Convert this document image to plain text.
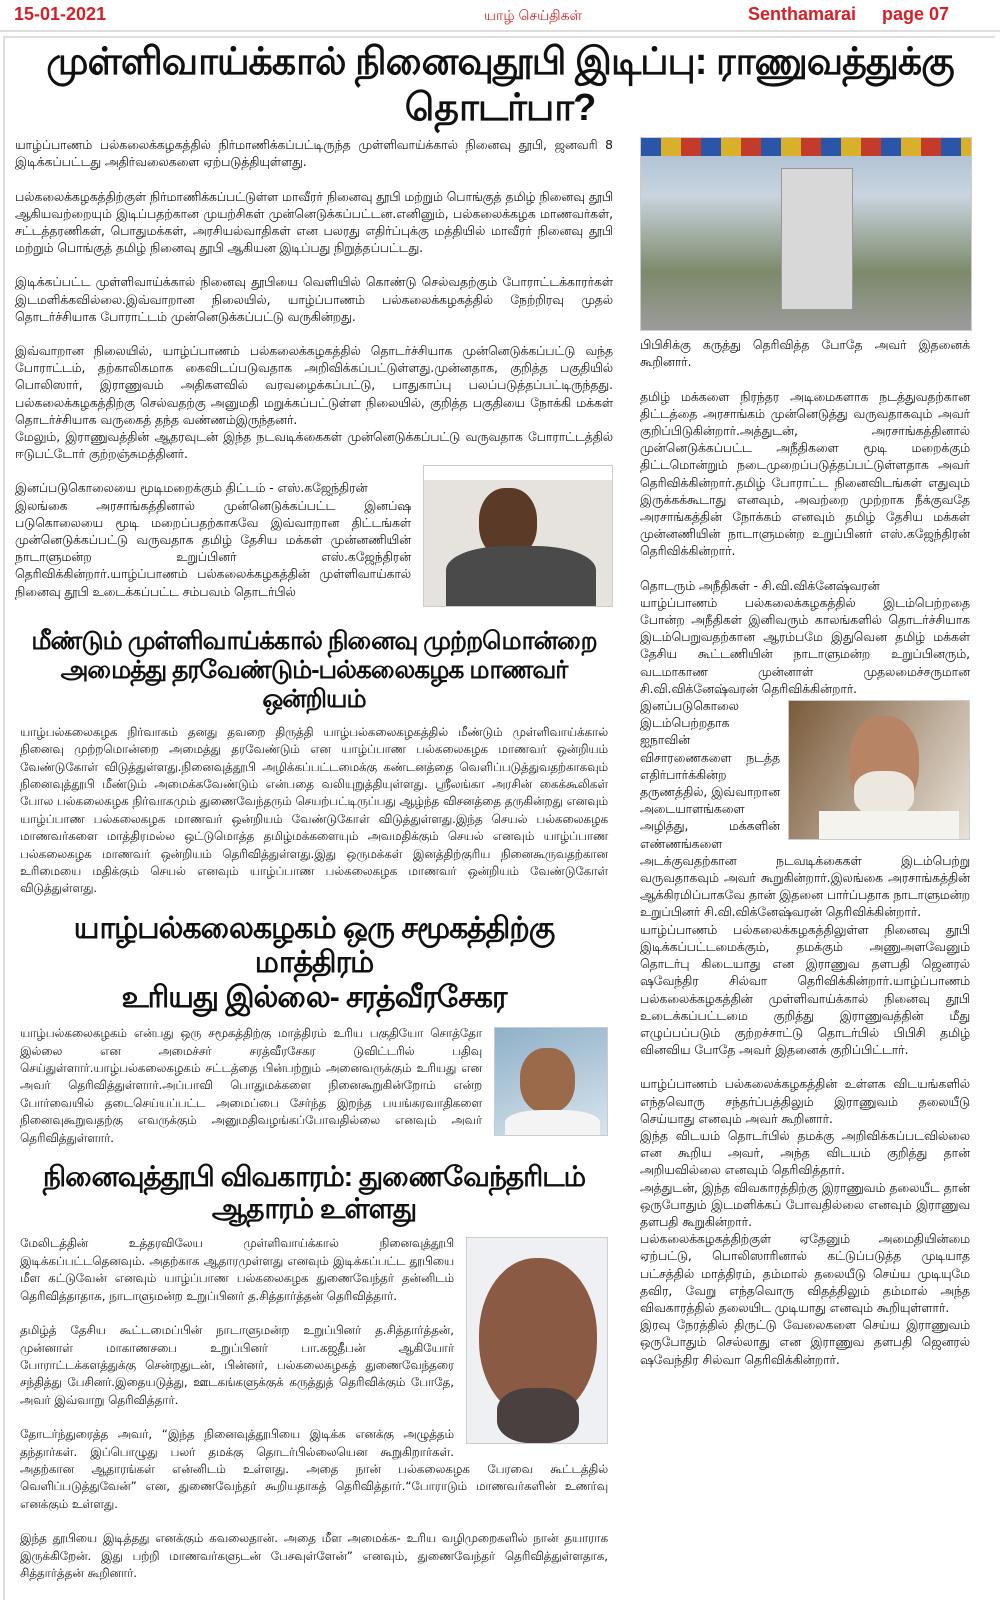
15-01-2021	யாழ் செய்திகள்	Senthamarai page 07
முள்ளிவாய்க்கால் நினைவுதூபி இடிப்பு: ராணுவத்துக்கு தொடர்பா?

யாழ்ப்பாணம் பல்கலைக்கழகத்தில் நிர்மாணிக்கப்பட்டிருந்த முள்ளிவாய்க்கால் நினைவு தூபி, ஜனவரி 8 இடிக்கப்பட்டது அதிர்வலைகளை ஏற்படுத்தியுள்ளது.

பல்கலைக்கழகத்திற்குள் நிர்மாணிக்கப்பட்டுள்ள மாவீரர் நினைவு தூபி மற்றும் பொங்குத் தமிழ் நினைவு தூபி ஆகியவற்றையும் இடிப்பதற்கான முயற்சிகள் முன்னெடுக்கப்பட்டன.எனினும், பல்கலைக்கழக மாணவர்கள், சட்டத்தரணிகள், பொதுமக்கள், அரசியல்வாதிகள் என பலரது எதிர்ப்புக்கு மத்தியில் மாவீரர் நினைவு தூபி மற்றும் பொங்குத் தமிழ் நினைவு தூபி ஆகியன இடிப்பது நிறுத்தப்பட்டது.

இடிக்கப்பட்ட முள்ளிவாய்க்கால் நினைவு தூபியை வெளியில் கொண்டு செல்வதற்கும் போராட்டக்காரர்கள் இடமளிக்கவில்லை.இவ்வாறான நிலையில், யாழ்ப்பாணம் பல்கலைக்கழகத்தில் நேற்றிரவு முதல் தொடர்ச்சியாக போராட்டம் முன்னெடுக்கப்பட்டு வருகின்றது.

இவ்வாறான நிலையில், யாழ்ப்பாணம் பல்கலைக்கழகத்தில் தொடர்ச்சியாக முன்னெடுக்கப்பட்டு வந்த போராட்டம், தற்காலிகமாக கைவிடப்படுவதாக அறிவிக்கப்பட்டுள்ளது.முன்னதாக, குறித்த பகுதியில் பொலிஸார், இராணுவம் அதிகளவில் வரவழைக்கப்பட்டு, பாதுகாப்பு பலப்படுத்தப்பட்டிருந்தது. பல்கலைக்கழகத்திற்கு செல்வதற்கு அனுமதி மறுக்கப்பட்டுள்ள நிலையில், குறித்த பகுதியை நோக்கி மக்கள் தொடர்ச்சியாக வருகைத் தந்த வண்ணம்இருந்தனர்.

மேலும், இராணுவத்தின் ஆதரவுடன் இந்த நடவடிக்கைகள் முன்னெடுக்கப்பட்டு வருவதாக போராட்டத்தில் ஈடுபட்டோர் குற்றஞ்சுமத்தினர்.

இனப்படுகொலையை மூடிமறைக்கும் திட்டம் - எஸ்.கஜேந்திரன்

இலங்கை அரசாங்கத்தினால் முன்னெடுக்கப்பட்ட இனப்ஷ படுகொலையை மூடி மறைப்பதற்காகவே இவ்வாறான திட்டங்கள் முன்னெடுக்கப்பட்டு வருவதாக தமிழ் தேசிய மக்கள் முன்னணியின் நாடாளுமன்ற உறுப்பினர் எஸ்.கஜேந்திரன் தெரிவிக்கின்றார்.யாழ்ப்பாணம் பல்கலைக்கழகத்தின் முள்ளிவாய்கால் நினைவு தூபி உடைக்கப்பட்ட சம்பவம் தொடர்பில்

மீண்டும் முள்ளிவாய்க்கால் நினைவு முற்றமொன்றை
அமைத்து தரவேண்டும்-பல்கலைகழக மாணவர் ஒன்றியம்

யாழ்பல்கலைகழக நிர்வாகம் தனது தவறை திருத்தி யாழ்பல்கலைகழகத்தில் மீண்டும் முள்ளிவாய்க்கால் நினைவு முற்றமொன்றை அமைத்து தரவேண்டும் என யாழ்ப்பாண பல்கலைகழக மாணவர் ஒன்றியம் வேண்டுகோள் விடுத்துள்ளது.நினைவுத்தூபி அழிக்கப்பட்டமைக்கு கண்டனத்தை வெளிப்படுத்துவதற்காகவும் நினைவுத்தூபி மீண்டும் அமைக்கவேண்டும் என்பதை வலியுறுத்தியுள்ளது. ஸ்ரீலங்கா அரசின் கைக்கூலிகள் போல பல்கலைகழக நிர்வாகமும் துணைவேந்தரும் செயற்பட்டிருப்பது ஆழ்ந்த விசனத்தை தருகின்றது எனவும் யாழ்ப்பாண பல்கலைகழக மாணவர் ஒன்றியம் வேண்டுகோள் விடுத்துள்ளது.இந்த செயல் பல்கலைகழக மாணவர்களை மாத்திரமல்ல ஒட்டுமொத்த தமிழ்மக்களையும் அவமதிக்கும் செயல் எனவும் யாழ்ப்பாண பல்கலைகழக மாணவர் ஒன்றியம் தெரிவித்துள்ளது.இது ஒருமக்கள் இனத்திற்குரிய நினைகூருவதற்கான உரிமையை மதிக்கும் செயல் எனவும் யாழ்ப்பாண பல்கலைகழக மாணவர் ஒன்றியம் வேண்டுகோள் விடுத்துள்ளது.

யாழ்பல்கலைகழகம் ஒரு சமூகத்திற்கு மாத்திரம்
உரியது இல்லை- சரத்வீரசேகர

யாழ்பல்கலைகழகம் என்பது ஒரு சமூகத்திற்கு மாத்திரம் உரிய பகுதியோ சொத்தோ இல்லை என அமைச்சர் சரத்வீரசேகர டுவிட்டரில் பதிவு செய்துள்ளார்.யாழ்பல்கலைகழகம் சட்டத்தை பின்பற்றும் அனைவருக்கும் உரியது என அவர் தெரிவித்துள்ளார்.அப்பாவி பொதுமக்களை நினைகூறுகின்றோம் என்ற போர்வையில் தடைசெய்யப்பட்ட அமைப்பை சேர்ந்த இறந்த பயங்கரவாதிகளை நினைவுகூறுவதற்கு எவருக்கும் அனுமதிவழங்கப்போவதில்லை எனவும் அவர் தெரிவித்துள்ளார்.

நினைவுத்தூபி விவகாரம்: துணைவேந்தரிடம் ஆதாரம் உள்ளது

மேலிடத்தின் உத்தரவிலேய முள்ளிவாய்க்கால் நினைவுத்தூபி இடிக்கப்பட்டதெனவும். அதற்காக ஆதாரமுள்ளது எனவும் இடிக்கப்பட்ட தூபியை மீள கட்டுவேன் எனவும் யாழ்ப்பாண பல்கலைகழக துணைவேந்தர் தன்னிடம் தெரிவித்தாதாக, நாடாளுமன்ற உறுப்பினர் த.சித்தார்த்தன் தெரிவித்தார்.

தமிழ்த் தேசிய கூட்டமைப்பின் நாடாளுமன்ற உறுப்பினர் த.சித்தார்த்தன், முன்னாள் மாகாணசபை உறுப்பினர் பா.கஜதீபன் ஆகியோர் போராட்டக்களத்துக்கு சென்றதுடன், பின்னர், பல்கலைகழகத் துணைவேந்தரை சந்தித்து பேசினர்.இதையடுத்து, ஊடகங்களுக்குக் கருத்துத் தெரிவிக்கும் போதே, அவர் இவ்வாறு தெரிவித்தார்.

தோடர்ந்துரைத்த அவர், “இந்த நினைவுத்தூபியை இடிக்க எனக்கு அழுத்தம் தந்தார்கள். இப்பொழுது பலர் தமக்கு தொடர்பில்லையென கூறுகிறார்கள். அதற்கான ஆதாரங்கள் என்னிடம் உள்ளது. அதை நான் பல்கலைகழக பேரவை கூட்டத்தில் வெளிப்படுத்துவேன்” என, துணைவேந்தர் கூறியதாகத் தெரிவித்தார்.“போராடும் மாணவர்களின் உணர்வு எனக்கும் உள்ளது.

இந்த தூபியை இடித்தது எனக்கும் கவலைதான். அதை மீள அமைக்க- உரிய வழிமுறைகளில் நான் தயாராக இருக்கிறேன். இது பற்றி மாணவர்களுடன் பேசவுள்ளேன்” எனவும், துணைவேந்தர் தெரிவித்துள்ளதாக, சித்தார்த்தன் கூறினார்.

பிபிசிக்கு கருத்து தெரிவித்த போதே அவர் இதனைக் கூறினார்.

தமிழ் மக்களை நிரந்தர அடிமைகளாக நடத்துவதற்கான திட்டத்தை அரசாங்கம் முன்னெடுத்து வருவதாகவும் அவர் குறிப்பிடுகின்றார்.அத்துடன், அரசாங்கத்தினால் முன்னெடுக்கப்பட்ட அநீதிகளை மூடி மறைக்கும் திட்டமொன்றும் நடைமுறைப்படுத்தப்பட்டுள்ளதாக அவர் தெரிவிக்கின்றார்.தமிழ் போராட்ட நினைவிடங்கள் எதுவும் இருக்கக்கூடாது எனவும், அவற்றை முற்றாக நீக்குவதே அரசாங்கத்தின் நோக்கம் எனவும் தமிழ் தேசிய மக்கள் முன்னணியின் நாடாளுமன்ற உறுப்பினர் எஸ்.கஜேந்திரன் தெரிவிக்கின்றார்.

தொடரும் அநீதிகள் - சி.வி.விக்னேஷ்வரன்

யாழ்ப்பாணம் பல்கலைக்கழகத்தில் இடம்பெற்றதை போன்ற அநீதிகள் இனிவரும் காலங்களில் தொடர்ச்சியாக இடம்பெறுவதற்கான ஆரம்பமே இதுவென தமிழ் மக்கள் தேசிய கூட்டணியின் நாடாளுமன்ற உறுப்பினரும், வடமாகாண முன்னாள் முதலமைச்சருமான சி.வி.விக்னேஷ்வரன் தெரிவிக்கின்றார்.

இனப்படுகொலை இடம்பெற்றதாக ஐநாவின் விசாரணைகளை நடத்த எதிர்பார்க்கின்ற தருணத்தில், இவ்வாறான அடையாளங்களை அழித்து, மக்களின் எண்ணங்களை அடக்குவதற்கான நடவடிக்கைகள் இடம்பெற்று வருவதாகவும் அவர் கூறுகின்றார்.இலங்கை அரசாங்கத்தின் ஆக்கிரமிப்பாகவே தான் இதனை பார்ப்பதாக நாடாளுமன்ற உறுப்பினர் சி.வி.விக்னேஷ்வரன் தெரிவிக்கின்றார்.

யாழ்ப்பாணம் பல்கலைக்கழகத்திலுள்ள நினைவு தூபி இடிக்கப்பட்டமைக்கும், தமக்கும் அணுஅளவேனும் தொடர்பு கிடையாது என இராணுவ தளபதி ஜெனரல் ஷவேந்திர சில்வா தெரிவிக்கின்றார்.யாழ்ப்பாணம் பல்கலைக்கழகத்தின் முள்ளிவாய்க்கால் நினைவு தூபி உடைக்கப்பட்டமை குறித்து இராணுவத்தின் மீது எழுப்பப்படும் குற்றச்சாட்டு தொடர்பில் பிபிசி தமிழ் வினவிய போதே அவர் இதனைக் குறிப்பிட்டார்.

யாழ்ப்பாணம் பல்கலைக்கழகத்தின் உள்ளக விடயங்களில் எந்தவொரு சந்தர்ப்பத்திலும் இராணுவம் தலையீடு செய்யாது எனவும் அவர் கூறினார்.

இந்த விடயம் தொடர்பில் தமக்கு அறிவிக்கப்படவில்லை என கூறிய அவர், அந்த விடயம் குறித்து தான் அறியவில்லை எனவும் தெரிவித்தார்.

அத்துடன், இந்த விவகாரத்திற்கு இராணுவம் தலையீட தான் ஒருபோதும் இடமளிக்கப் போவதில்லை எனவும் இராணுவ தளபதி கூறுகின்றார்.

பல்கலைக்கழகத்திற்குள் ஏதேனும் அமைதியின்மை ஏற்பட்டு, பொலிஸாரினால் கட்டுப்படுத்த முடியாத பட்சத்தில் மாத்திரம், தம்மால் தலையீடு செய்ய முடியுமே தவிர, வேறு எந்தவொரு விதத்திலும் தம்மால் அந்த விவகாரத்தில் தலையிட முடியாது எனவும் கூறியுள்ளார்.

இரவு நேரத்தில் திருட்டு வேலைகளை செய்ய இராணுவம் ஒருபோதும் செல்லாது என இராணுவ தளபதி ஜெனரல் ஷவேந்திர சில்வா தெரிவிக்கின்றார்.
